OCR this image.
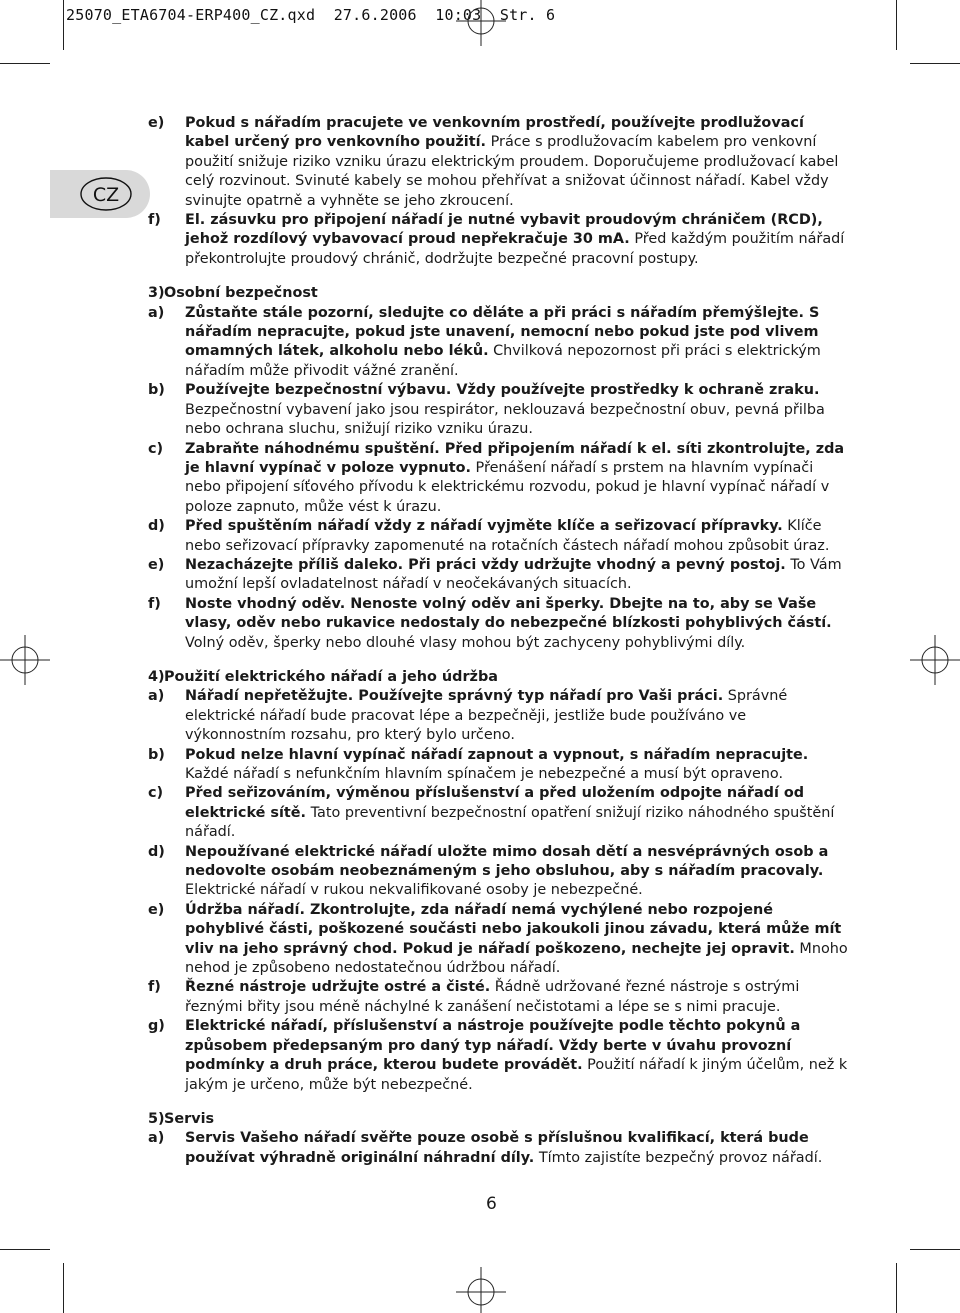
25070_ETA6704-ERP400_CZ.qxd  27.6.2006  10:03  Str. 6
CZ
e)	Pokud s nářadím pracujete ve venkovním prostředí, používejte prodlužovací kabel určený pro venkovního použití. Práce s prodlužovacím kabelem pro venkovní použití snižuje riziko vzniku úrazu elektrickým proudem. Doporučujeme prodlužovací kabel celý rozvinout. Svinuté kabely se mohou přehřívat a snižovat účinnost nářadí. Kabel vždy svinujte opatrně a vyhněte se jeho zkroucení.
f)	El. zásuvku pro připojení nářadí je nutné vybavit proudovým chráničem (RCD), jehož rozdílový vybavovací proud nepřekračuje 30 mA. Před každým použitím nářadí překontrolujte proudový chránič, dodržujte bezpečné pracovní postupy.
3) Osobní bezpečnost
a)	Zůstaňte stále pozorní, sledujte co děláte a při práci s nářadím přemýšlejte. S nářadím nepracujte, pokud jste unavení, nemocní nebo pokud jste pod vlivem omamných látek, alkoholu nebo léků. Chvilková nepozornost při práci s elektrickým nářadím může přivodit vážné zranění.
b)	Používejte bezpečnostní výbavu. Vždy používejte prostředky k ochraně zraku. Bezpečnostní vybavení jako jsou respirátor, neklouzavá bezpečnostní obuv, pevná přilba nebo ochrana sluchu, snižují riziko vzniku úrazu.
c)	Zabraňte náhodnému spuštění. Před připojením nářadí k el. síti zkontrolujte, zda je hlavní vypínač v poloze vypnuto. Přenášení nářadí s prstem na hlavním vypínači nebo připojení síťového přívodu k elektrickému rozvodu, pokud je hlavní vypínač nářadí v poloze zapnuto, může vést k úrazu.
d)	Před spuštěním nářadí vždy z nářadí vyjměte klíče a seřizovací přípravky. Klíče nebo seřizovací přípravky zapomenuté na rotačních částech nářadí mohou způsobit úraz.
e)	Nezacházejte příliš daleko. Při práci vždy udržujte vhodný a pevný postoj. To Vám umožní lepší ovladatelnost nářadí v neočekávaných situacích.
f)	Noste vhodný oděv. Nenoste volný oděv ani šperky. Dbejte na to, aby se Vaše vlasy, oděv nebo rukavice nedostaly do nebezpečné blízkosti pohyblivých částí. Volný oděv, šperky nebo dlouhé vlasy mohou být zachyceny pohyblivými díly.
4) Použití elektrického nářadí a jeho údržba
a)	Nářadí nepřetěžujte. Používejte správný typ nářadí pro Vaši práci. Správné elektrické nářadí bude pracovat lépe a bezpečněji, jestliže bude používáno ve výkonnostním rozsahu, pro který bylo určeno.
b)	Pokud nelze hlavní vypínač nářadí zapnout a vypnout, s nářadím nepracujte. Každé nářadí s nefunkčním hlavním spínačem je nebezpečné a musí být opraveno.
c)	Před seřizováním, výměnou příslušenství a před uložením odpojte nářadí od elektrické sítě. Tato preventivní bezpečnostní opatření snižují riziko náhodného spuštění nářadí.
d)	Nepoužívané elektrické nářadí uložte mimo dosah dětí a nesvéprávných osob a nedovolte osobám neobeznámeným s jeho obsluhou, aby s nářadím pracovaly. Elektrické nářadí v rukou nekvalifikované osoby je nebezpečné.
e)	Údržba nářadí. Zkontrolujte, zda nářadí nemá vychýlené nebo rozpojené pohyblivé části, poškozené součásti nebo jakoukoli jinou závadu, která může mít vliv na jeho správný chod. Pokud je nářadí poškozeno, nechejte jej opravit. Mnoho nehod je způsobeno nedostatečnou údržbou nářadí.
f)	Řezné nástroje udržujte ostré a čisté. Řádně udržované řezné nástroje s ostrými řeznými břity jsou méně náchylné k zanášení nečistotami a lépe se s nimi pracuje.
g)	Elektrické nářadí, příslušenství a nástroje používejte podle těchto pokynů a způsobem předepsaným pro daný typ nářadí. Vždy berte v úvahu provozní podmínky a druh práce, kterou budete provádět. Použití nářadí k jiným účelům, než k jakým je určeno, může být nebezpečné.
5) Servis
a)	Servis Vašeho nářadí svěřte pouze osobě s příslušnou kvalifikací, která bude používat výhradně originální náhradní díly. Tímto zajistíte bezpečný provoz nářadí.
6
